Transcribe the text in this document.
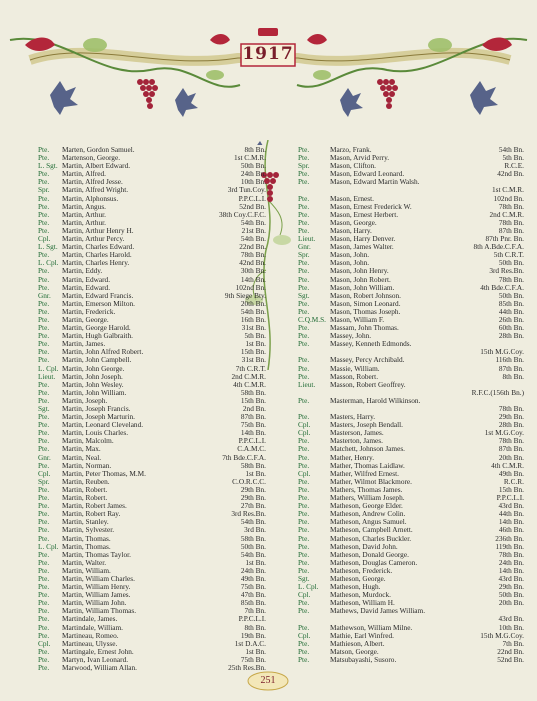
1917
Pte.	Marten, Gordon Samuel.	8th Bn.
Pte.	Martenson, George.	1st C.M.R.
L. Sgt. Martin, Albert Edward.	50th Bn.
Pte.	Martin, Alfred.	24th Bn.
Pte.	Martin, Alfred Jesse.	10th Bn.
Spr.	Martin, Alfred Wright.	3rd Tun.Coy.
Pte.	Martin, Alphonsus.	P.P.C.L.I.
Pte.	Martin, Angus.	52nd Bn.
Pte.	Martin, Arthur.	38th Coy.C.F.C.
Pte.	Martin, Arthur.	54th Bn.
Pte.	Martin, Arthur Henry H.	21st Bn.
Cpl.	Martin, Arthur Percy.	54th Bn.
L. Sgt. Martin, Charles Edward.	22nd Bn.
Pte.	Martin, Charles Harold.	78th Bn.
L. Cpl. Martin, Charles Henry.	42nd Bn.
Pte.	Martin, Eddy.	30th Bn.
Pte.	Martin, Edward.	14th Bn.
Pte.	Martin, Edward.	102nd Bn.
Gnr.	Martin, Edward Francis.	9th Siege Bty.
Pte.	Martin, Emerson Milton.	20th Bn.
Pte.	Martin, Frederick.	54th Bn.
Pte.	Martin, George.	16th Bn.
Pte.	Martin, George Harold.	31st Bn.
Pte.	Martin, Hugh Galbraith.	5th Bn.
Pte.	Martin, James.	1st Bn.
Pte.	Martin, John Alfred Robert.	15th Bn.
Pte.	Martin, John Campbell.	31st Bn.
L. Cpl. Martin, John George.	7th C.R.T.
Lieut. Martin, John Joseph.	2nd C.M.R.
Pte.	Martin, John Wesley.	4th C.M.R.
Pte.	Martin, John William.	58th Bn.
Pte.	Martin, Joseph.	15th Bn.
Sgt.	Martin, Joseph Francis.	2nd Bn.
Pte.	Martin, Joseph Marturin.	87th Bn.
Pte.	Martin, Leonard Cleveland.	75th Bn.
Pte.	Martin, Louis Charles.	14th Bn.
Pte.	Martin, Malcolm.	P.P.C.L.I.
Pte.	Martin, Max.	C.A.M.C.
Gnr.	Martin, Neal.	7th Bde.C.F.A.
Pte.	Martin, Norman.	58th Bn.
Cpl.	Martin, Peter Thomas, M.M.	1st Bn.
Spr.	Martin, Reuben.	C.O.R.C.C.
Pte.	Martin, Robert.	29th Bn.
Pte.	Martin, Robert.	29th Bn.
Pte.	Martin, Robert James.	27th Bn.
Pte.	Martin, Robert Ray.	3rd Res.Bn.
Pte.	Martin, Stanley.	54th Bn.
Pte.	Martin, Sylvester.	3rd Bn.
Pte.	Martin, Thomas.	58th Bn.
L. Cpl. Martin, Thomas.	50th Bn.
Pte.	Martin, Thomas Taylor.	54th Bn.
Pte.	Martin, Walter.	1st Bn.
Pte.	Martin, William.	24th Bn.
Pte.	Martin, William Charles.	49th Bn.
Pte.	Martin, William Henry.	75th Bn.
Pte.	Martin, William James.	47th Bn.
Pte.	Martin, William John.	85th Bn.
Pte.	Martin, William Thomas.	7th Bn.
Pte.	Martindale, James.	P.P.C.L.I.
Pte.	Martindale, William.	8th Bn.
Pte.	Martineau, Romeo.	19th Bn.
Cpl.	Martineau, Ulysse.	1st D.A.C.
Pte.	Martingale, Ernest John.	1st Bn.
Pte.	Martyn, Ivan Leonard.	75th Bn.
Pte.	Marwood, William Allan.	25th Res.Bn.
Pte.	Marzo, Frank.	54th Bn.
Pte.	Mason, Arvid Perry.	5th Bn.
Spr.	Mason, Clifton.	R.C.E.
Pte.	Mason, Edward Leonard.	42nd Bn.
Pte.	Mason, Edward Martin Walsh.
1st C.M.R.
Pte.	Mason, Ernest.	102nd Bn.
Pte.	Mason, Ernest Frederick W.	78th Bn.
Pte.	Mason, Ernest Herbert.	2nd C.M.R.
Pte.	Mason, George.	78th Bn.
Pte.	Mason, Harry.	87th Bn.
Lieut.	Mason, Harry Denver.	87th Pnr. Bn.
Gnr.	Mason, James Walter.	8th A.Bde.C.F.A.
Spr.	Mason, John.	5th C.R.T.
Pte.	Mason, John.	50th Bn.
Pte.	Mason, John Henry.	3rd Res.Bn.
Pte.	Mason, John Robert.	78th Bn.
Pte.	Mason, John William.	4th Bde.C.F.A.
Sgt.	Mason, Robert Johnson.	50th Bn.
Pte.	Mason, Simon Leonard.	85th Bn.
Pte.	Mason, Thomas Joseph.	44th Bn.
C.Q.M.S. Mason, William F.	26th Bn.
Pte.	Massam, John Thomas.	60th Bn.
Pte.	Massey, John.	28th Bn.
Pte.	Massey, Kenneth Edmonds.
15th M.G.Coy.
Pte.	Massey, Percy Archibald.	116th Bn.
Pte.	Massie, William.	87th Bn.
Pte.	Masson, Robert.	8th Bn.
Lieut.	Masson, Robert Geoffrey.
R.F.C.(156th Bn.)
Pte.	Masterman, Harold Wilkinson.
78th Bn.
Pte.	Masters, Harry.	29th Bn.
Cpl.	Masters, Joseph Bendall.	28th Bn.
Cpl.	Masterson, James.	1st M.G.Coy.
Pte.	Masterton, James.	78th Bn.
Pte.	Matchett, Johnson James.	87th Bn.
Pte.	Mather, Henry.	20th Bn.
Pte.	Mather, Thomas Laidlaw.	4th C.M.R.
Cpl.	Mather, Wilfred Ernest.	49th Bn.
Pte.	Mather, Wilmot Blackmore.	R.C.R.
Pte.	Mathers, Thomas James.	15th Bn.
Pte.	Mathers, William Joseph.	P.P.C.L.I.
Pte.	Matheson, George Elder.	43rd Bn.
Pte.	Matheson, Andrew Colin.	44th Bn.
Pte.	Matheson, Angus Samuel.	14th Bn.
Pte.	Matheson, Campbell Arnett.	46th Bn.
Pte.	Matheson, Charles Buckler.	236th Bn.
Pte.	Matheson, David John.	119th Bn.
Pte.	Matheson, Donald George.	78th Bn.
Pte.	Matheson, Douglas Cameron.	24th Bn.
Pte.	Matheson, Frederick.	14th Bn.
Sgt.	Matheson, George.	43rd Bn.
L. Cpl.	Matheson, Hugh.	29th Bn.
Cpl.	Matheson, Murdock.	50th Bn.
Pte.	Matheson, William H.	20th Bn.
Pte.	Mathews, David James William.
43rd Bn.
Pte.	Mathewson, William Milne.	10th Bn.
Cpl.	Mathie, Earl Winfred.	15th M.G.Coy.
Pte.	Mathieson, Albert.	7th Bn.
Pte.	Matson, George.	22nd Bn.
Pte.	Matsubayashi, Susoro.	52nd Bn.
251
